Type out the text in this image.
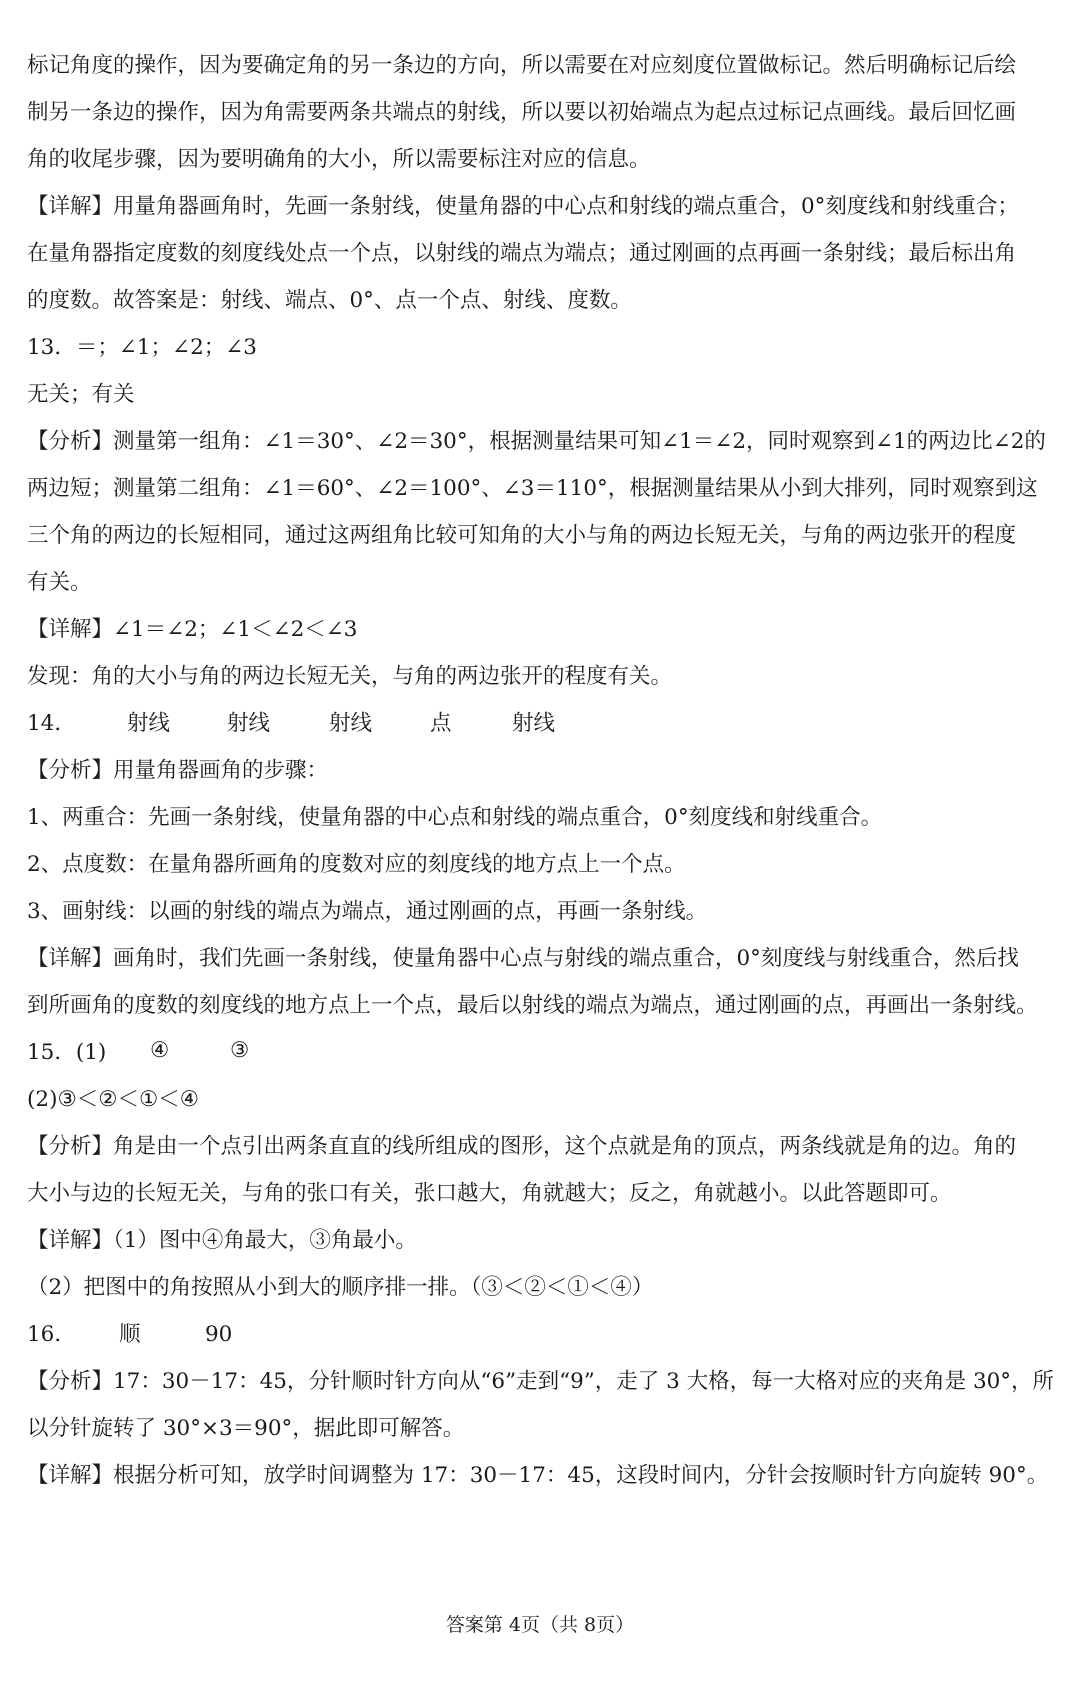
标记角度的操作，因为要确定角的另一条边的方向，所以需要在对应刻度位置做标记。然后明确标记后绘
制另一条边的操作，因为角需要两条共端点的射线，所以要以初始端点为起点过标记点画线。最后回忆画
角的收尾步骤，因为要明确角的大小，所以需要标注对应的信息。
【详解】用量角器画角时，先画一条射线，使量角器的中心点和射线的端点重合，0°刻度线和射线重合；
在量角器指定度数的刻度线处点一个点，以射线的端点为端点；通过刚画的点再画一条射线；最后标出角
的度数。故答案是：射线、端点、0°、点一个点、射线、度数。
13．＝；∠1；∠2；∠3
无关；有关
【分析】测量第一组角：∠1＝30°、∠2＝30°，根据测量结果可知∠1＝∠2，同时观察到∠1的两边比∠2的
两边短；测量第二组角：∠1＝60°、∠2＝100°、∠3＝110°，根据测量结果从小到大排列，同时观察到这
三个角的两边的长短相同，通过这两组角比较可知角的大小与角的两边长短无关，与角的两边张开的程度
有关。
【详解】∠1＝∠2；∠1＜∠2＜∠3
发现：角的大小与角的两边长短无关，与角的两边张开的程度有关。
14． 射线	射线	射线	点	射线
【分析】用量角器画角的步骤：
1、两重合：先画一条射线，使量角器的中心点和射线的端点重合，0°刻度线和射线重合。
2、点度数：在量角器所画角的度数对应的刻度线的地方点上一个点。
3、画射线：以画的射线的端点为端点，通过刚画的点，再画一条射线。
【详解】画角时，我们先画一条射线，使量角器中心点与射线的端点重合，0°刻度线与射线重合，然后找
到所画角的度数的刻度线的地方点上一个点，最后以射线的端点为端点，通过刚画的点，再画出一条射线。
15．(1) ④	③
(2)③＜②＜①＜④
【分析】角是由一个点引出两条直直的线所组成的图形，这个点就是角的顶点，两条线就是角的边。角的
大小与边的长短无关，与角的张口有关，张口越大，角就越大；反之，角就越小。以此答题即可。
【详解】（1）图中④角最大，③角最小。
（2）把图中的角按照从小到大的顺序排一排。（③＜②＜①＜④）
16． 顺	90
【分析】17：30－17：45，分针顺时针方向从“6”走到“9”，走了 3 大格，每一大格对应的夹角是 30°，所
以分针旋转了 30°×3＝90°，据此即可解答。
【详解】根据分析可知，放学时间调整为 17：30－17：45，这段时间内，分针会按顺时针方向旋转 90°。
答案第 4页（共 8页）
